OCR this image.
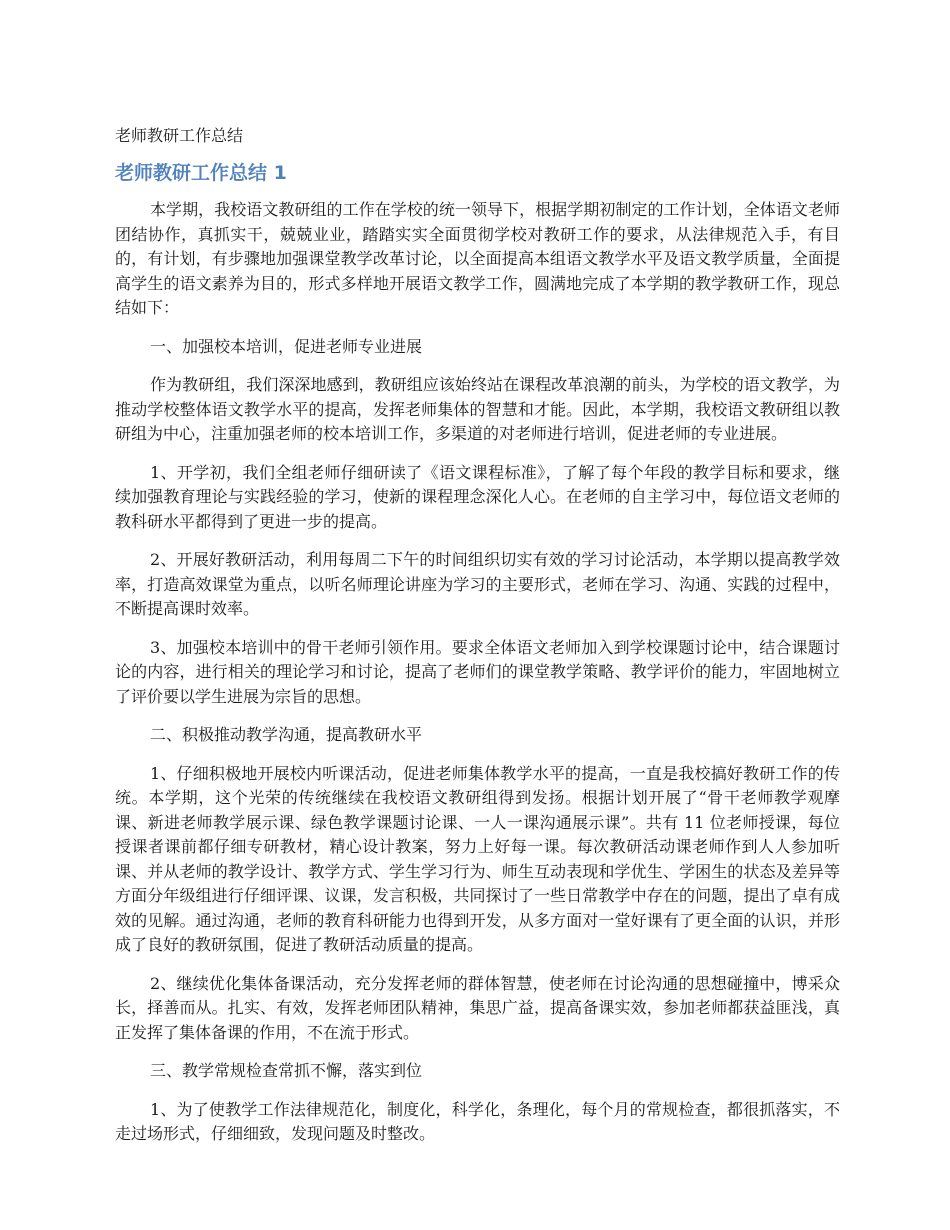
老师教研工作总结
老师教研工作总结 1

本学期，我校语文教研组的工作在学校的统一领导下，根据学期初制定的工作计划，全体语文老师团结协作，真抓实干，兢兢业业，踏踏实实全面贯彻学校对教研工作的要求，从法律规范入手，有目的，有计划，有步骤地加强课堂教学改革讨论，以全面提高本组语文教学水平及语文教学质量，全面提高学生的语文素养为目的，形式多样地开展语文教学工作，圆满地完成了本学期的教学教研工作，现总结如下：

一、加强校本培训，促进老师专业进展

作为教研组，我们深深地感到，教研组应该始终站在课程改革浪潮的前头，为学校的语文教学，为推动学校整体语文教学水平的提高，发挥老师集体的智慧和才能。因此，本学期，我校语文教研组以教研组为中心，注重加强老师的校本培训工作，多渠道的对老师进行培训，促进老师的专业进展。

1、开学初，我们全组老师仔细研读了《语文课程标准》，了解了每个年段的教学目标和要求，继续加强教育理论与实践经验的学习，使新的课程理念深化人心。在老师的自主学习中，每位语文老师的教科研水平都得到了更进一步的提高。

2、开展好教研活动，利用每周二下午的时间组织切实有效的学习讨论活动，本学期以提高教学效率，打造高效课堂为重点，以听名师理论讲座为学习的主要形式，老师在学习、沟通、实践的过程中，不断提高课时效率。

3、加强校本培训中的骨干老师引领作用。要求全体语文老师加入到学校课题讨论中，结合课题讨论的内容，进行相关的理论学习和讨论，提高了老师们的课堂教学策略、教学评价的能力，牢固地树立了评价要以学生进展为宗旨的思想。

二、积极推动教学沟通，提高教研水平

1、仔细积极地开展校内听课活动，促进老师集体教学水平的提高，一直是我校搞好教研工作的传统。本学期，这个光荣的传统继续在我校语文教研组得到发扬。根据计划开展了“骨干老师教学观摩课、新进老师教学展示课、绿色教学课题讨论课、一人一课沟通展示课”。共有 11 位老师授课，每位授课者课前都仔细专研教材，精心设计教案，努力上好每一课。每次教研活动课老师作到人人参加听课、并从老师的教学设计、教学方式、学生学习行为、师生互动表现和学优生、学困生的状态及差异等方面分年级组进行仔细评课、议课，发言积极，共同探讨了一些日常教学中存在的问题，提出了卓有成效的见解。通过沟通，老师的教育科研能力也得到开发，从多方面对一堂好课有了更全面的认识，并形成了良好的教研氛围，促进了教研活动质量的提高。

2、继续优化集体备课活动，充分发挥老师的群体智慧，使老师在讨论沟通的思想碰撞中，博采众长，择善而从。扎实、有效，发挥老师团队精神，集思广益，提高备课实效，参加老师都获益匪浅，真正发挥了集体备课的作用，不在流于形式。

三、教学常规检查常抓不懈，落实到位

1、为了使教学工作法律规范化，制度化，科学化，条理化，每个月的常规检查，都很抓落实，不走过场形式，仔细细致，发现问题及时整改。
